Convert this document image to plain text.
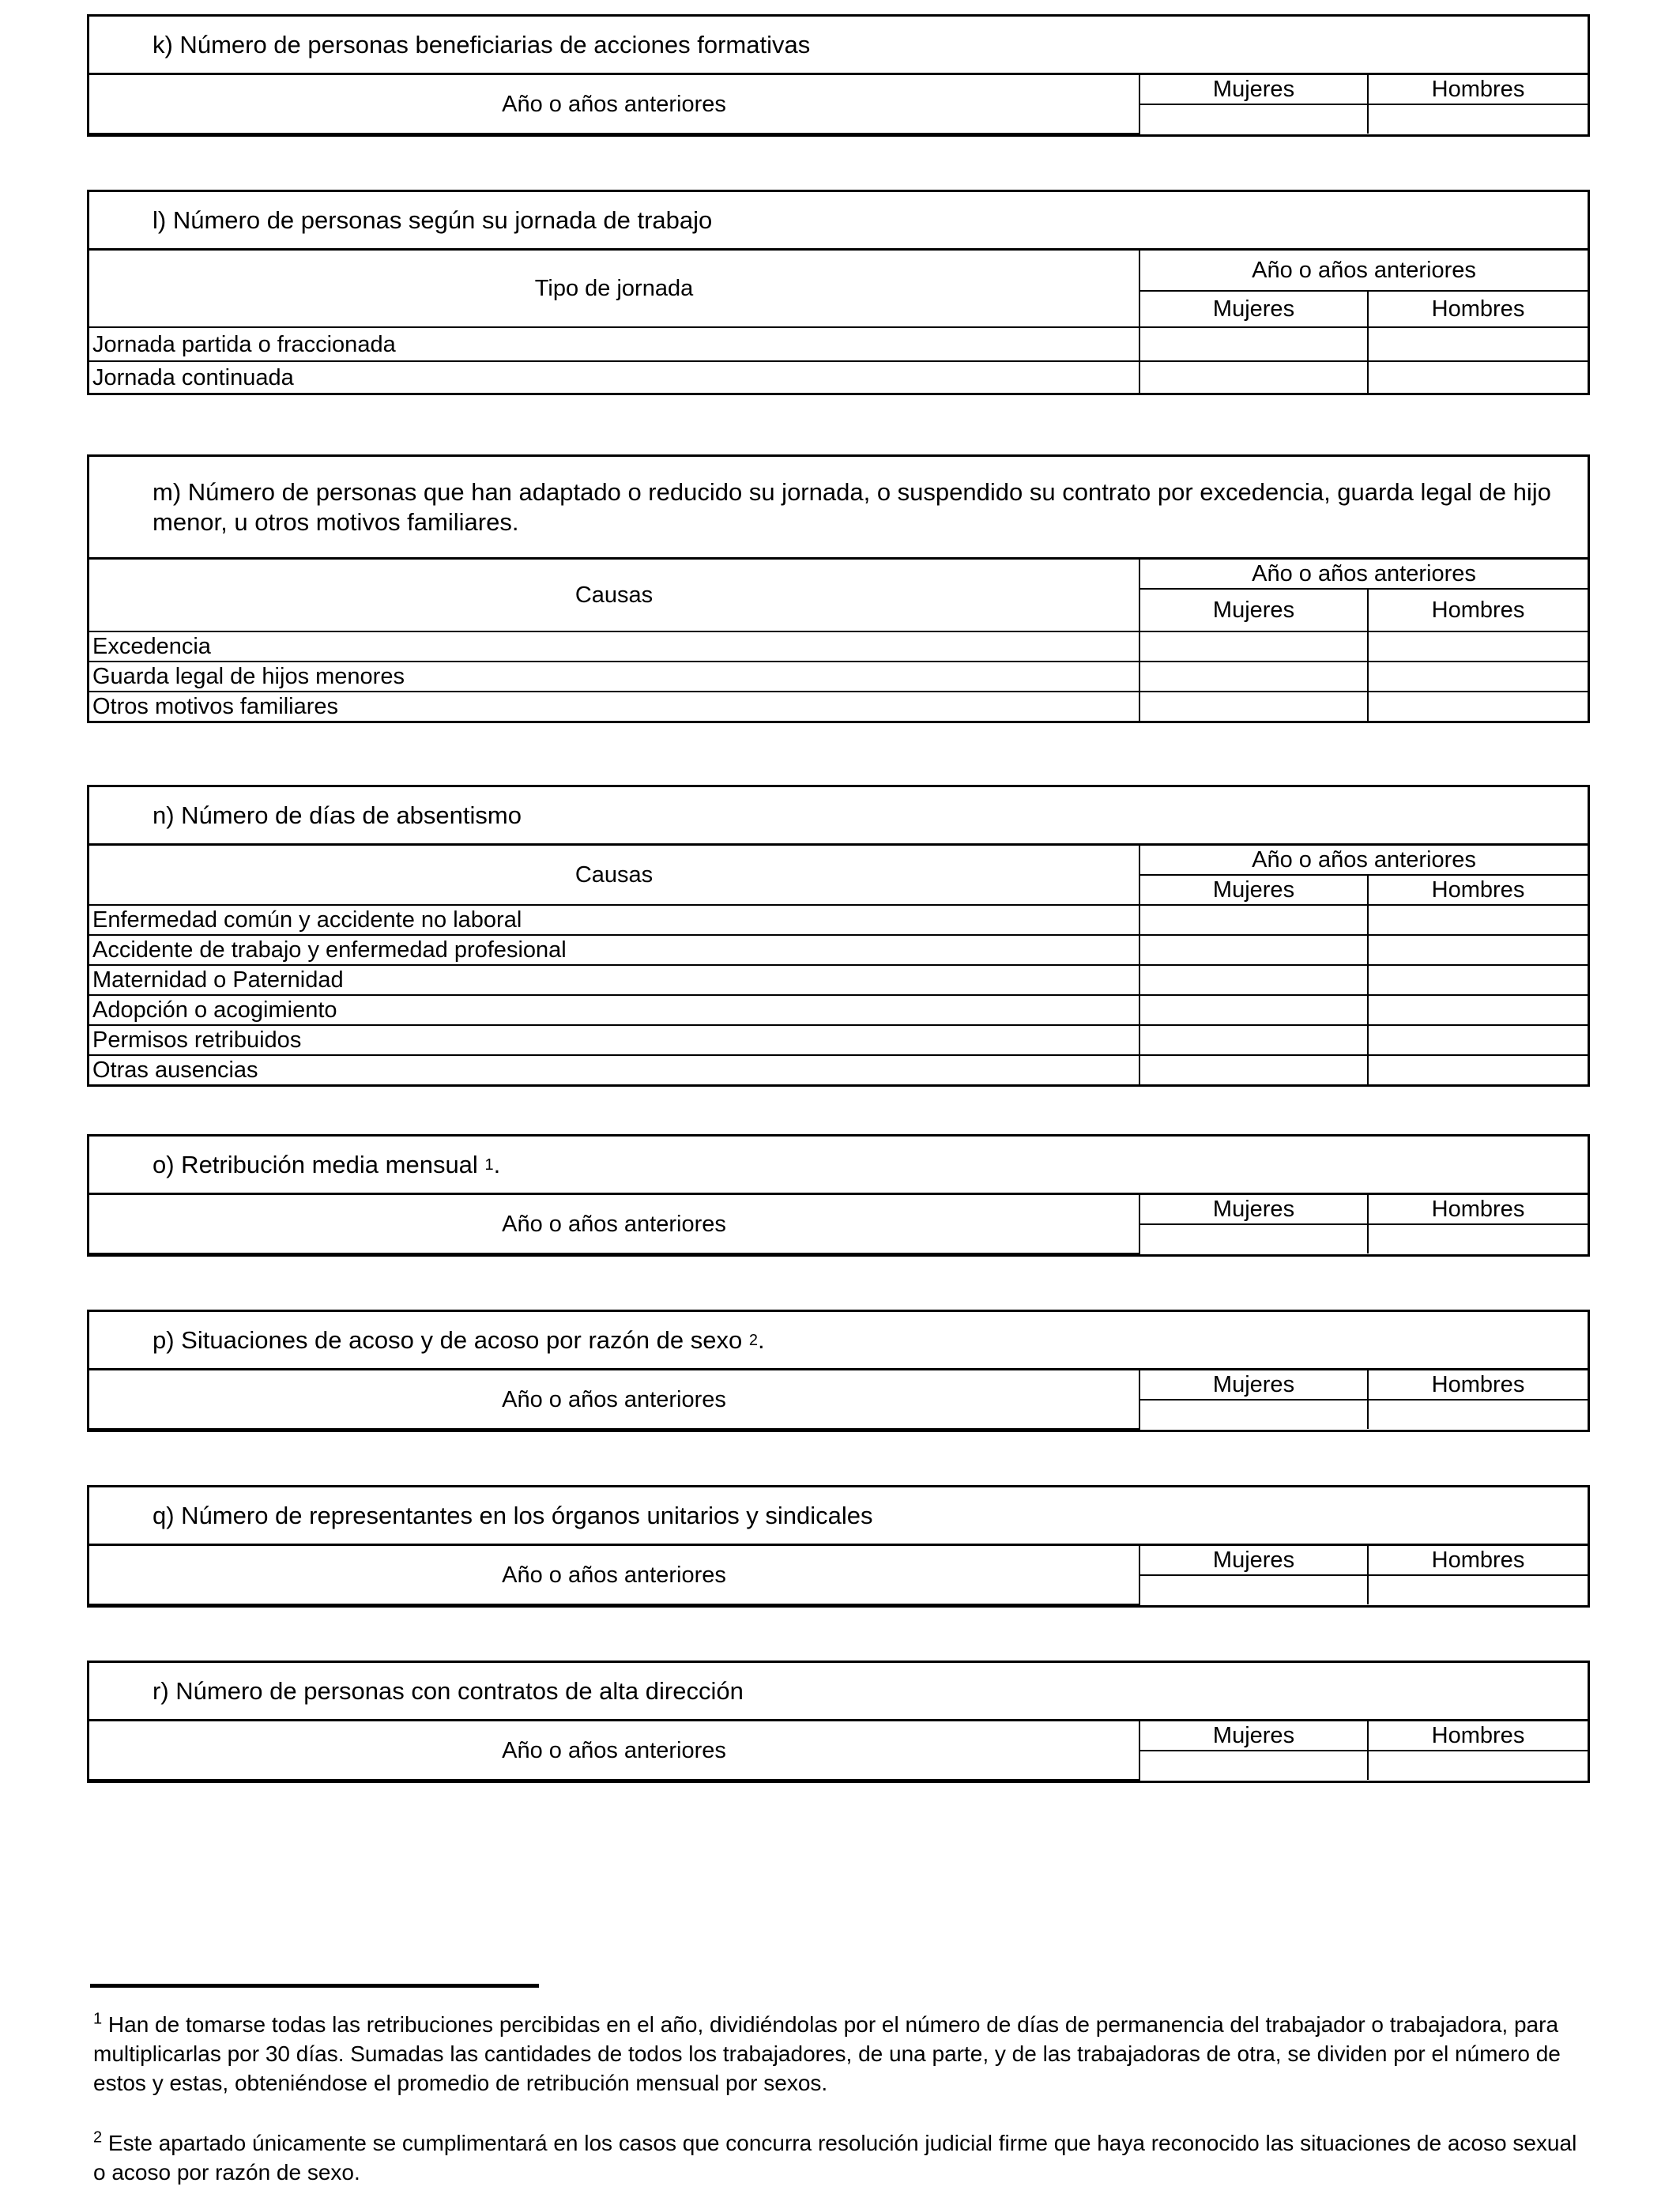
k) Número de personas beneficiarias de acciones formativas
Año o años anteriores	Mujeres	Hombres

l) Número de personas según su jornada de trabajo
Tipo de jornada	Año o años anteriores	
	Mujeres	Hombres
Jornada partida o fraccionada		
Jornada continuada		
m) Número de personas que han adaptado o reducido su jornada, o suspendido su contrato por excedencia, guarda legal de hijo menor, u otros motivos familiares.
Causas	Año o años anteriores	
	Mujeres	Hombres
Excedencia		
Guarda legal de hijos menores		
Otros motivos familiares		
n) Número de días de absentismo
Causas	Año o años anteriores	
	Mujeres	Hombres
Enfermedad común y accidente no laboral		
Accidente de trabajo y enfermedad profesional		
Maternidad o Paternidad		
Adopción o acogimiento		
Permisos retribuidos		
Otras ausencias		
o) Retribución media mensual
1 .
Año o años anteriores	Mujeres	Hombres

p) Situaciones de acoso y de acoso por razón de sexo
2 .
Año o años anteriores	Mujeres	Hombres

q) Número de representantes en los órganos unitarios y sindicales
Año o años anteriores	Mujeres	Hombres

r) Número de personas con contratos de alta dirección
Año o años anteriores	Mujeres	Hombres

$^1$ Han de tomarse todas las retribuciones percibidas en el año, dividiéndolas por el número de días de permanencia del trabajador o trabajadora, para multiplicarlas por 30 días. Sumadas las cantidades de todos los trabajadores, de una parte, y de las trabajadoras de otra, se dividen por el número de estos y estas, obteniéndose el promedio de retribución mensual por sexos.
$^2$ Este apartado únicamente se cumplimentará en los casos que concurra resolución judicial firme que haya reconocido las situaciones de acoso sexual o acoso por razón de sexo.
